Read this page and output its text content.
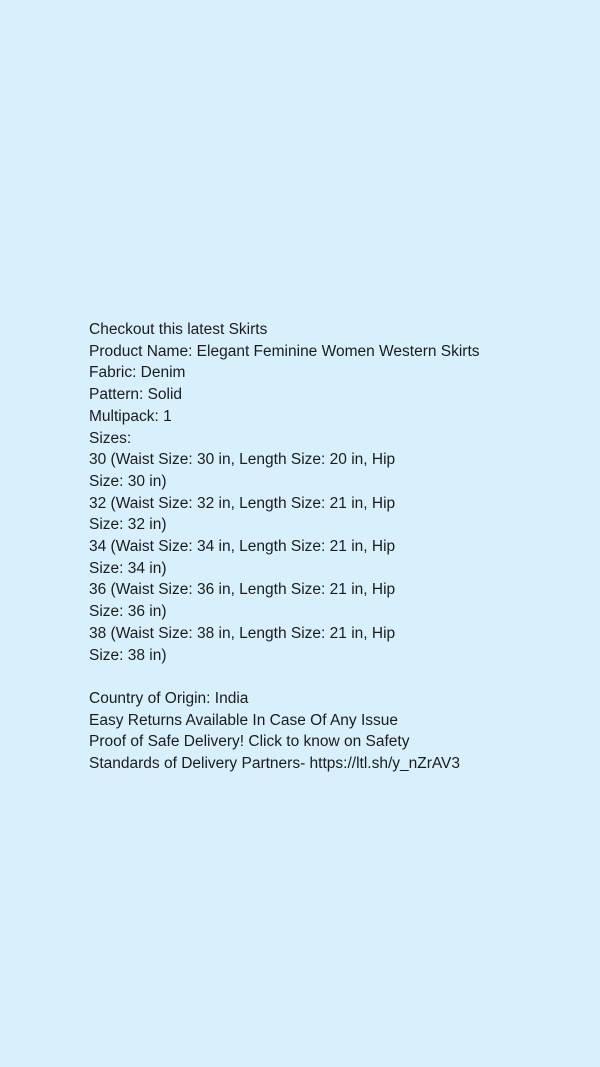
Checkout this latest Skirts
Product Name: Elegant Feminine Women Western Skirts
Fabric: Denim
Pattern: Solid
Multipack: 1
Sizes:
30 (Waist Size: 30 in, Length Size: 20 in, Hip
Size: 30 in)
32 (Waist Size: 32 in, Length Size: 21 in, Hip
Size: 32 in)
34 (Waist Size: 34 in, Length Size: 21 in, Hip
Size: 34 in)
36 (Waist Size: 36 in, Length Size: 21 in, Hip
Size: 36 in)
38 (Waist Size: 38 in, Length Size: 21 in, Hip
Size: 38 in)
Country of Origin: India
Easy Returns Available In Case Of Any Issue
Proof of Safe Delivery! Click to know on Safety
Standards of Delivery Partners- https://ltl.sh/y_nZrAV3
